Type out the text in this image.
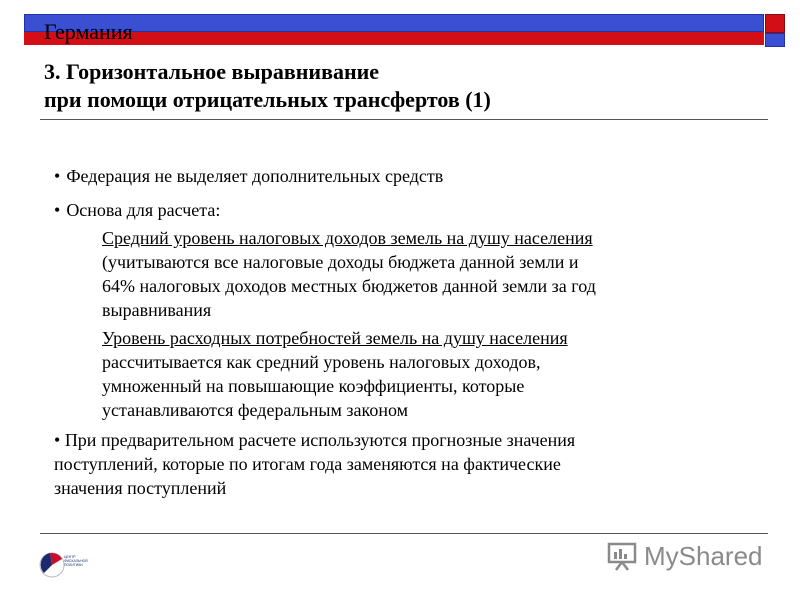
Германия
3. Горизонтальное выравнивание
при помощи отрицательных трансфертов (1)

• Федерация не выделяет дополнительных средств

• Основа для расчета:

Средний уровень налоговых доходов земель на душу населения
(учитываются все налоговые доходы бюджета данной земли и
64% налоговых доходов местных бюджетов данной земли за год
выравнивания
Уровень расходных потребностей земель на душу населения
рассчитывается как средний уровень налоговых доходов,
умноженный на повышающие коэффициенты, которые
устанавливаются федеральным законом
• При предварительном расчете используются прогнозные значения
поступлений, которые по итогам года заменяются на фактические
значения поступлений
ЦЕНТР
ФИСКАЛЬНОЙ
ПОЛИТИКИ	MyShared
